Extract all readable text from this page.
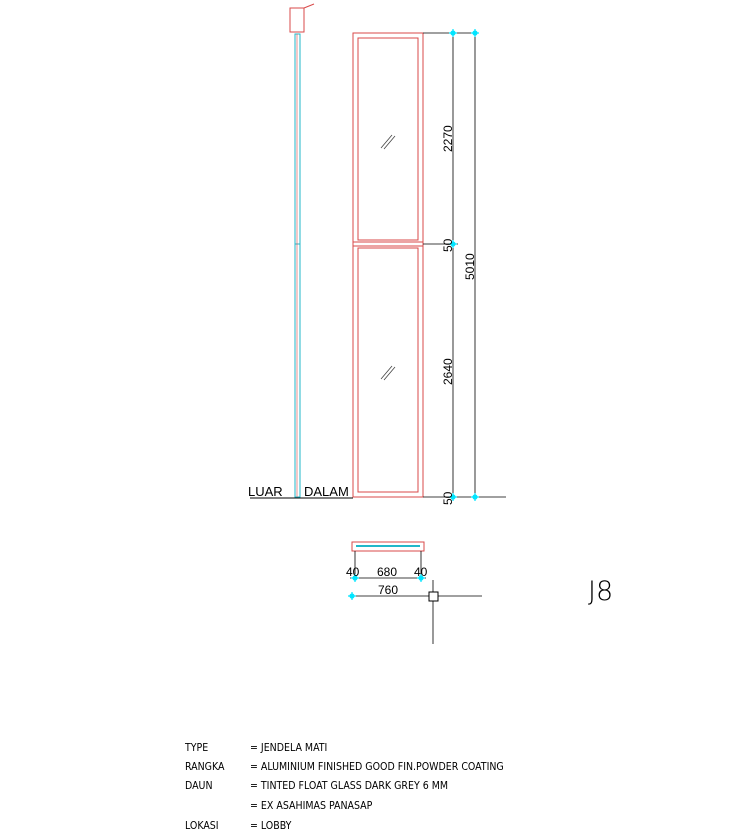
LUAR DALAM
2270
50
2640
50
5010
40 680 40
760	J8
TYPE	= JENDELA MATI
RANGKA = ALUMINIUM FINISHED GOOD FIN.POWDER COATING
DAUN	= TINTED FLOAT GLASS DARK GREY 6 MM
= EX ASAHIMAS PANASAP
LOKASI	= LOBBY
